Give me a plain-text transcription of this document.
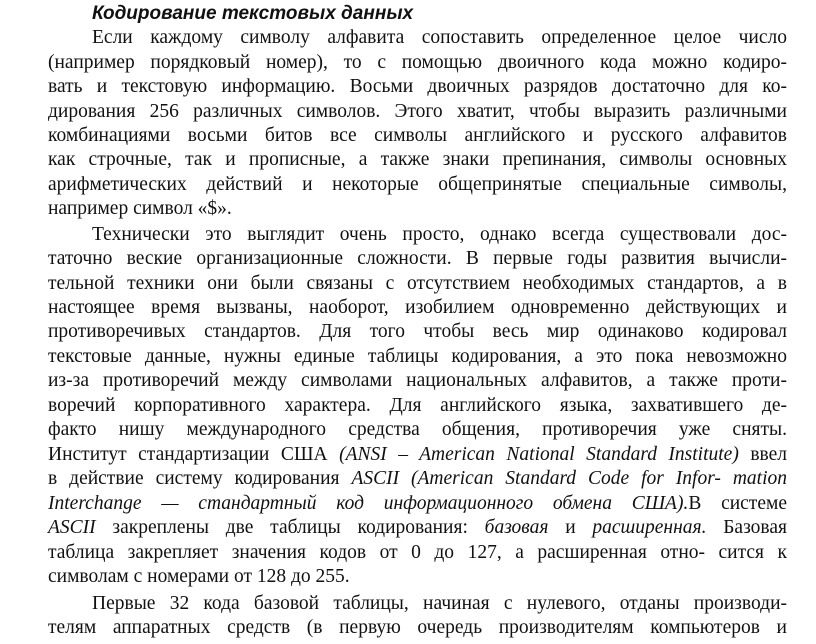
Кодирование текстовых данных

Если каждому символу алфавита сопоставить определенное целое число

(например порядковый номер), то с помощью двоичного кода можно кодиро-

вать и текстовую информацию. Восьми двоичных разрядов достаточно для ко-

дирования 256 различных символов. Этого хватит, чтобы выразить различными

комбинациями восьми битов все символы английского и русского алфавитов

как строчные, так и прописные, а также знаки препинания, символы основных

арифметических действий и некоторые общепринятые специальные символы,

например символ «$».

Технически это выглядит очень просто, однако всегда существовали дос-

таточно веские организационные сложности. В первые годы развития вычисли-

тельной техники они были связаны с отсутствием необходимых стандартов, а в

настоящее время вызваны, наоборот, изобилием одновременно действующих и

противоречивых стандартов. Для того чтобы весь мир одинаково кодировал

текстовые данные, нужны единые таблицы кодирования, а это пока невозможно

из-за противоречий между символами национальных алфавитов, а также проти-

воречий корпоративного характера. Для английского языка, захватившего де-

факто нишу международного средства общения, противоречия уже сняты.

Институт стандартизации США (ANSI – American National Standard Institute) ввел

в действие систему кодирования ASCII (American Standard Code for Infor- mation

Interchange — стандартный код информационного обмена США).В системе

ASCII закреплены две таблицы кодирования: базовая и расширенная. Базовая

таблица закрепляет значения кодов от 0 до 127, а расширенная отно- сится к

символам с номерами от 128 до 255.

Первые 32 кода базовой таблицы, начиная с нулевого, отданы производи-

телям аппаратных средств (в первую очередь производителям компьютеров и
